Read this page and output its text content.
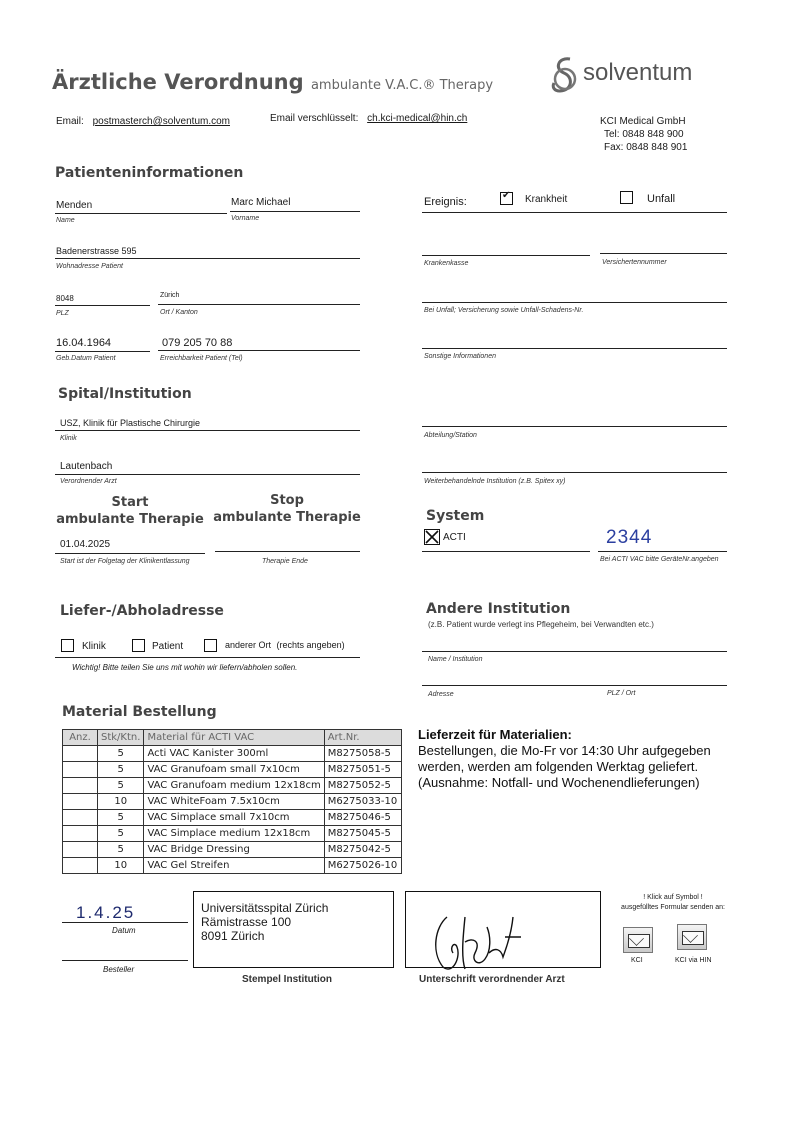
Ärztliche Verordnung ambulante V.A.C.® Therapy	solventum
Email: postmasterch@solventum.com	Email verschlüsselt: ch.kci-medical@hin.ch	KCI Medical GmbH
Tel: 0848 848 900
Fax: 0848 848 901
Patienteninformationen
Menden
Name
Marc Michael
Vorname
Badenerstrasse 595
Wohnadresse Patient
8048
PLZ
Zürich
Ort / Kanton
16.04.1964
Geb.Datum Patient
079 205 70 88
Erreichbarkeit Patient (Tel)
Ereignis: ✔	Krankheit	Unfall
Krankenkasse	Versichertennummer
Bei Unfall; Versicherung sowie Unfall-Schadens-Nr.
Sonstige Informationen
Spital/Institution
USZ, Klinik für Plastische Chirurgie
Klinik	Abteilung/Station
Lautenbach
Verordnender Arzt	Weiterbehandelnde Institution (z.B. Spitex xy)
Start
ambulante Therapie
Stop
ambulante Therapie
01.04.2025
Start ist der Folgetag der Klinikentlassung	Therapie Ende
System
ACTI	2344
Bei ACTI VAC bitte GeräteNr.angeben
Liefer-/Abholadresse
Klinik	Patient	anderer Ort (rechts angeben)
Wichtig! Bitte teilen Sie uns mit wohin wir liefern/abholen sollen.
Andere Institution
(z.B. Patient wurde verlegt ins Pflegeheim, bei Verwandten etc.)
Name / Institution
Adresse	PLZ / Ort
Material Bestellung
Anz.	Stk/Ktn.	Material für ACTI VAC	Art.Nr.
	5	Acti VAC Kanister 300ml	M8275058-5
	5	VAC Granufoam small 7x10cm	M8275051-5
	5	VAC Granufoam medium 12x18cm	M8275052-5
	10	VAC WhiteFoam 7.5x10cm	M6275033-10
	5	VAC Simplace small 7x10cm	M8275046-5
	5	VAC Simplace medium 12x18cm	M8275045-5
	5	VAC Bridge Dressing	M8275042-5
	10	VAC Gel Streifen	M6275026-10
Lieferzeit für Materialien:
Bestellungen, die Mo-Fr vor 14:30 Uhr aufgegeben
werden, werden am folgenden Werktag geliefert.
(Ausnahme: Notfall- und Wochenendlieferungen)
1.4.25
Datum
Besteller
Universitätsspital Zürich
Rämistrasse 100
8091 Zürich
Stempel Institution	Unterschrift verordnender Arzt
! Klick auf Symbol !
ausgefülltes Formular senden an:
KCI	KCI via HIN
